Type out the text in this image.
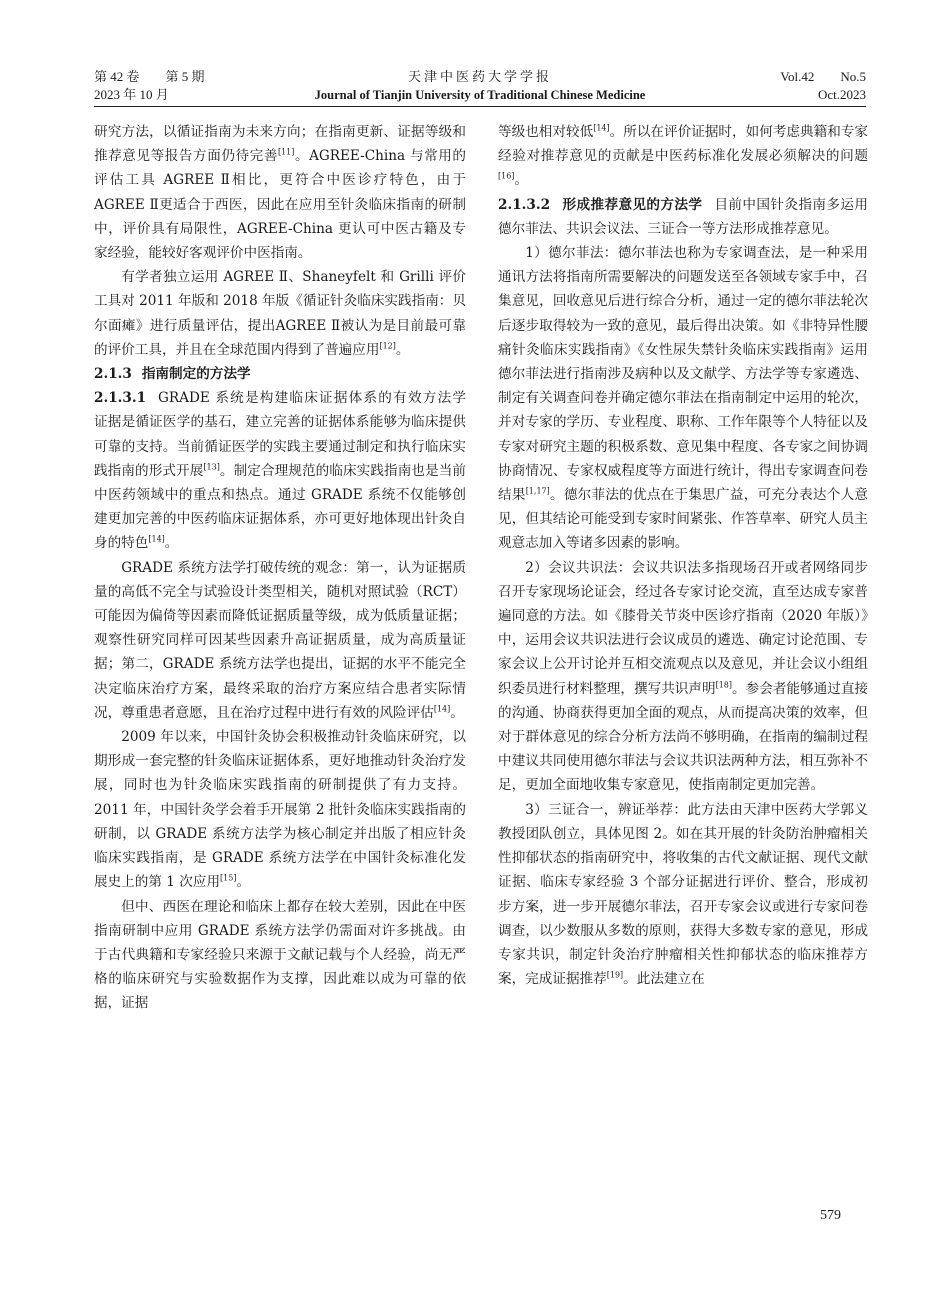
第 42 卷　　第 5 期
2023 年 10 月
天津中医药大学学报
Journal of Tianjin University of Traditional Chinese Medicine
Vol.42　　No.5
Oct.2023

研究方法，以循证指南为未来方向；在指南更新、证据等级和推荐意见等报告方面仍待完善[11]。AGREE-China 与常用的评估工具 AGREE Ⅱ相比，更符合中医诊疗特色，由于 AGREE Ⅱ更适合于西医，因此在应用至针灸临床指南的研制中，评价具有局限性，AGREE-China 更认可中医古籍及专家经验，能较好客观评价中医指南。

有学者独立运用 AGREE Ⅱ、Shaneyfelt 和 Grilli 评价工具对 2011 年版和 2018 年版《循证针灸临床实践指南：贝尔面瘫》进行质量评估，提出AGREE Ⅱ被认为是目前最可靠的评价工具，并且在全球范围内得到了普遍应用[12]。

2.1.3 指南制定的方法学

2.1.3.1 GRADE 系统是构建临床证据体系的有效方法学　证据是循证医学的基石，建立完善的证据体系能够为临床提供可靠的支持。当前循证医学的实践主要通过制定和执行临床实践指南的形式开展[13]。制定合理规范的临床实践指南也是当前中医药领域中的重点和热点。通过 GRADE 系统不仅能够创建更加完善的中医药临床证据体系，亦可更好地体现出针灸自身的特色[14]。

GRADE 系统方法学打破传统的观念：第一，认为证据质量的高低不完全与试验设计类型相关，随机对照试验（RCT）可能因为偏倚等因素而降低证据质量等级，成为低质量证据；观察性研究同样可因某些因素升高证据质量，成为高质量证据；第二，GRADE 系统方法学也提出，证据的水平不能完全决定临床治疗方案，最终采取的治疗方案应结合患者实际情况，尊重患者意愿，且在治疗过程中进行有效的风险评估[14]。

2009 年以来，中国针灸协会积极推动针灸临床研究，以期形成一套完整的针灸临床证据体系，更好地推动针灸治疗发展，同时也为针灸临床实践指南的研制提供了有力支持。2011 年，中国针灸学会着手开展第 2 批针灸临床实践指南的研制，以 GRADE 系统方法学为核心制定并出版了相应针灸临床实践指南，是 GRADE 系统方法学在中国针灸标准化发展史上的第 1 次应用[15]。

但中、西医在理论和临床上都存在较大差别，因此在中医指南研制中应用 GRADE 系统方法学仍需面对许多挑战。由于古代典籍和专家经验只来源于文献记载与个人经验，尚无严格的临床研究与实验数据作为支撑，因此难以成为可靠的依据，证据

等级也相对较低[14]。所以在评价证据时，如何考虑典籍和专家经验对推荐意见的贡献是中医药标准化发展必须解决的问题[16]。

2.1.3.2 形成推荐意见的方法学 目前中国针灸指南多运用德尔菲法、共识会议法、三证合一等方法形成推荐意见。

1）德尔菲法：德尔菲法也称为专家调查法，是一种采用通讯方法将指南所需要解决的问题发送至各领域专家手中，召集意见，回收意见后进行综合分析，通过一定的德尔菲法轮次后逐步取得较为一致的意见，最后得出决策。如《非特异性腰痛针灸临床实践指南》《女性尿失禁针灸临床实践指南》运用德尔菲法进行指南涉及病种以及文献学、方法学等专家遴选、制定有关调查问卷并确定德尔菲法在指南制定中运用的轮次，并对专家的学历、专业程度、职称、工作年限等个人特征以及专家对研究主题的积极系数、意见集中程度、各专家之间协调协商情况、专家权威程度等方面进行统计，得出专家调查问卷结果[1,17]。德尔菲法的优点在于集思广益，可充分表达个人意见，但其结论可能受到专家时间紧张、作答草率、研究人员主观意志加入等诸多因素的影响。

2）会议共识法：会议共识法多指现场召开或者网络同步召开专家现场论证会，经过各专家讨论交流，直至达成专家普遍同意的方法。如《膝骨关节炎中医诊疗指南（2020 年版）》中，运用会议共识法进行会议成员的遴选、确定讨论范围、专家会议上公开讨论并互相交流观点以及意见，并让会议小组组织委员进行材料整理，撰写共识声明[18]。参会者能够通过直接的沟通、协商获得更加全面的观点，从而提高决策的效率，但对于群体意见的综合分析方法尚不够明确，在指南的编制过程中建议共同使用德尔菲法与会议共识法两种方法，相互弥补不足，更加全面地收集专家意见，使指南制定更加完善。

3）三证合一，辨证举荐：此方法由天津中医药大学郭义教授团队创立，具体见图 2。如在其开展的针灸防治肿瘤相关性抑郁状态的指南研究中，将收集的古代文献证据、现代文献证据、临床专家经验 3 个部分证据进行评价、整合，形成初步方案，进一步开展德尔菲法，召开专家会议或进行专家问卷调查，以少数服从多数的原则，获得大多数专家的意见，形成专家共识，制定针灸治疗肿瘤相关性抑郁状态的临床推荐方案，完成证据推荐[19]。此法建立在

579
